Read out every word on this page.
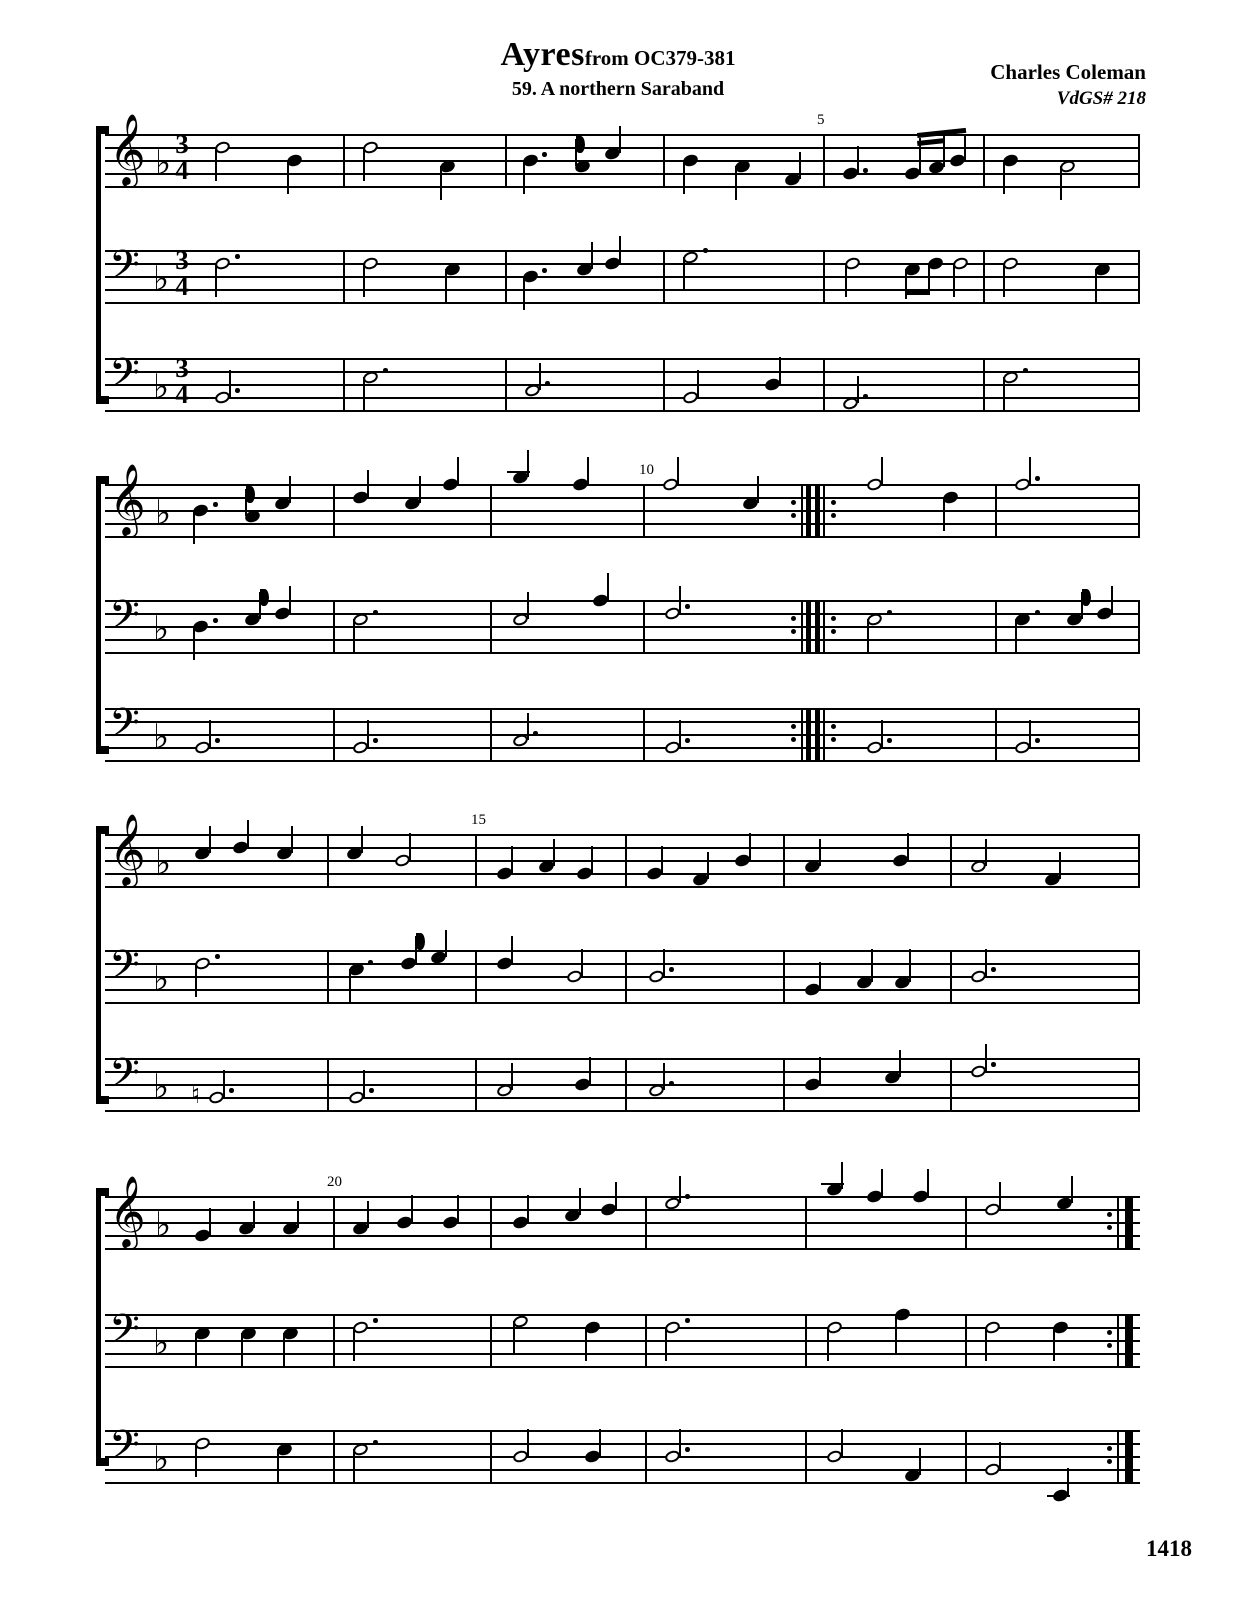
Ayresfrom OC379-381
59. A northern Saraband
Charles Coleman
VdGS# 218
𝄞 ♭ 3
4
5
𝄢 ♭ 3
4
𝄢 ♭ 3
4
𝄞 ♭
10
𝄢 ♭
𝄢 ♭
𝄞 ♭
15
𝄢 ♭
𝄢 ♭ ♮
𝄞 ♭
20
𝄢 ♭
𝄢 ♭
1418
